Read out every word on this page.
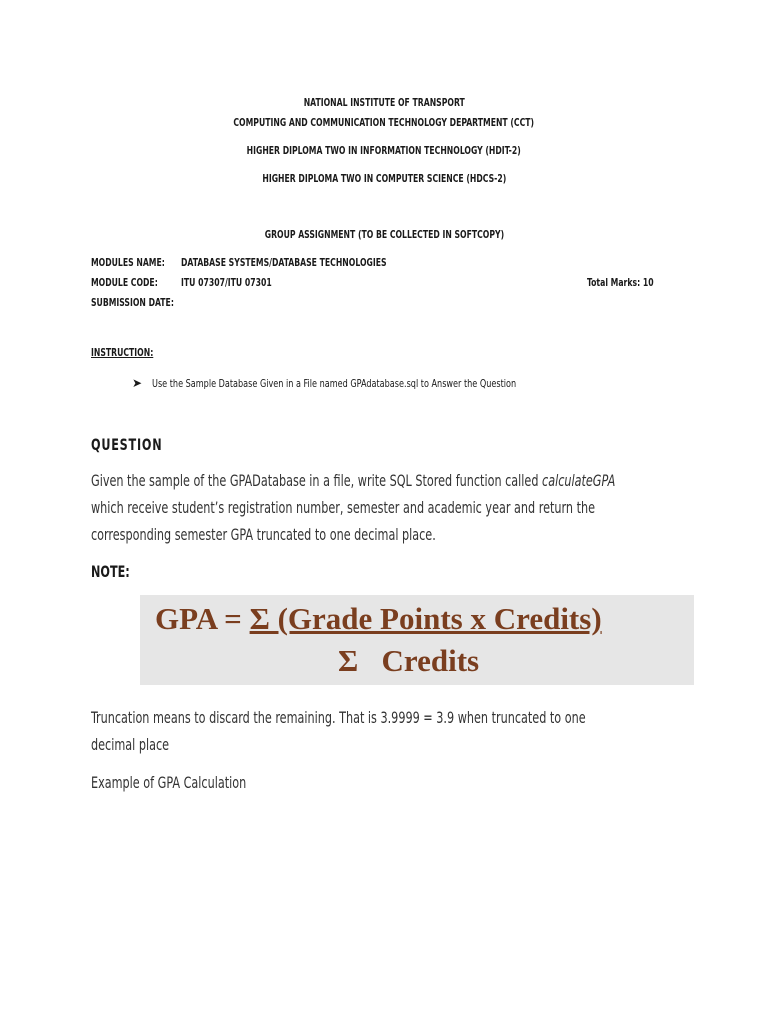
NATIONAL INSTITUTE OF TRANSPORT
COMPUTING AND COMMUNICATION TECHNOLOGY DEPARTMENT (CCT)
HIGHER DIPLOMA TWO IN INFORMATION TECHNOLOGY (HDIT-2)
HIGHER DIPLOMA TWO IN COMPUTER SCIENCE (HDCS-2)
GROUP ASSIGNMENT (TO BE COLLECTED IN SOFTCOPY)
MODULES NAME: DATABASE SYSTEMS/DATABASE TECHNOLOGIES
MODULE CODE: ITU 07307/ITU 07301	Total Marks: 10
SUBMISSION DATE:
INSTRUCTION:
➤ Use the Sample Database Given in a File named GPAdatabase.sql to Answer the Question
QUESTION
Given the sample of the GPADatabase in a file, write SQL Stored function called calculateGPA
which receive student’s registration number, semester and academic year and return the
corresponding semester GPA truncated to one decimal place.
NOTE:
GPA = Σ (Grade Points x Credits)
Σ   Credits
Truncation means to discard the remaining. That is 3.9999 = 3.9 when truncated to one
decimal place
Example of GPA Calculation
